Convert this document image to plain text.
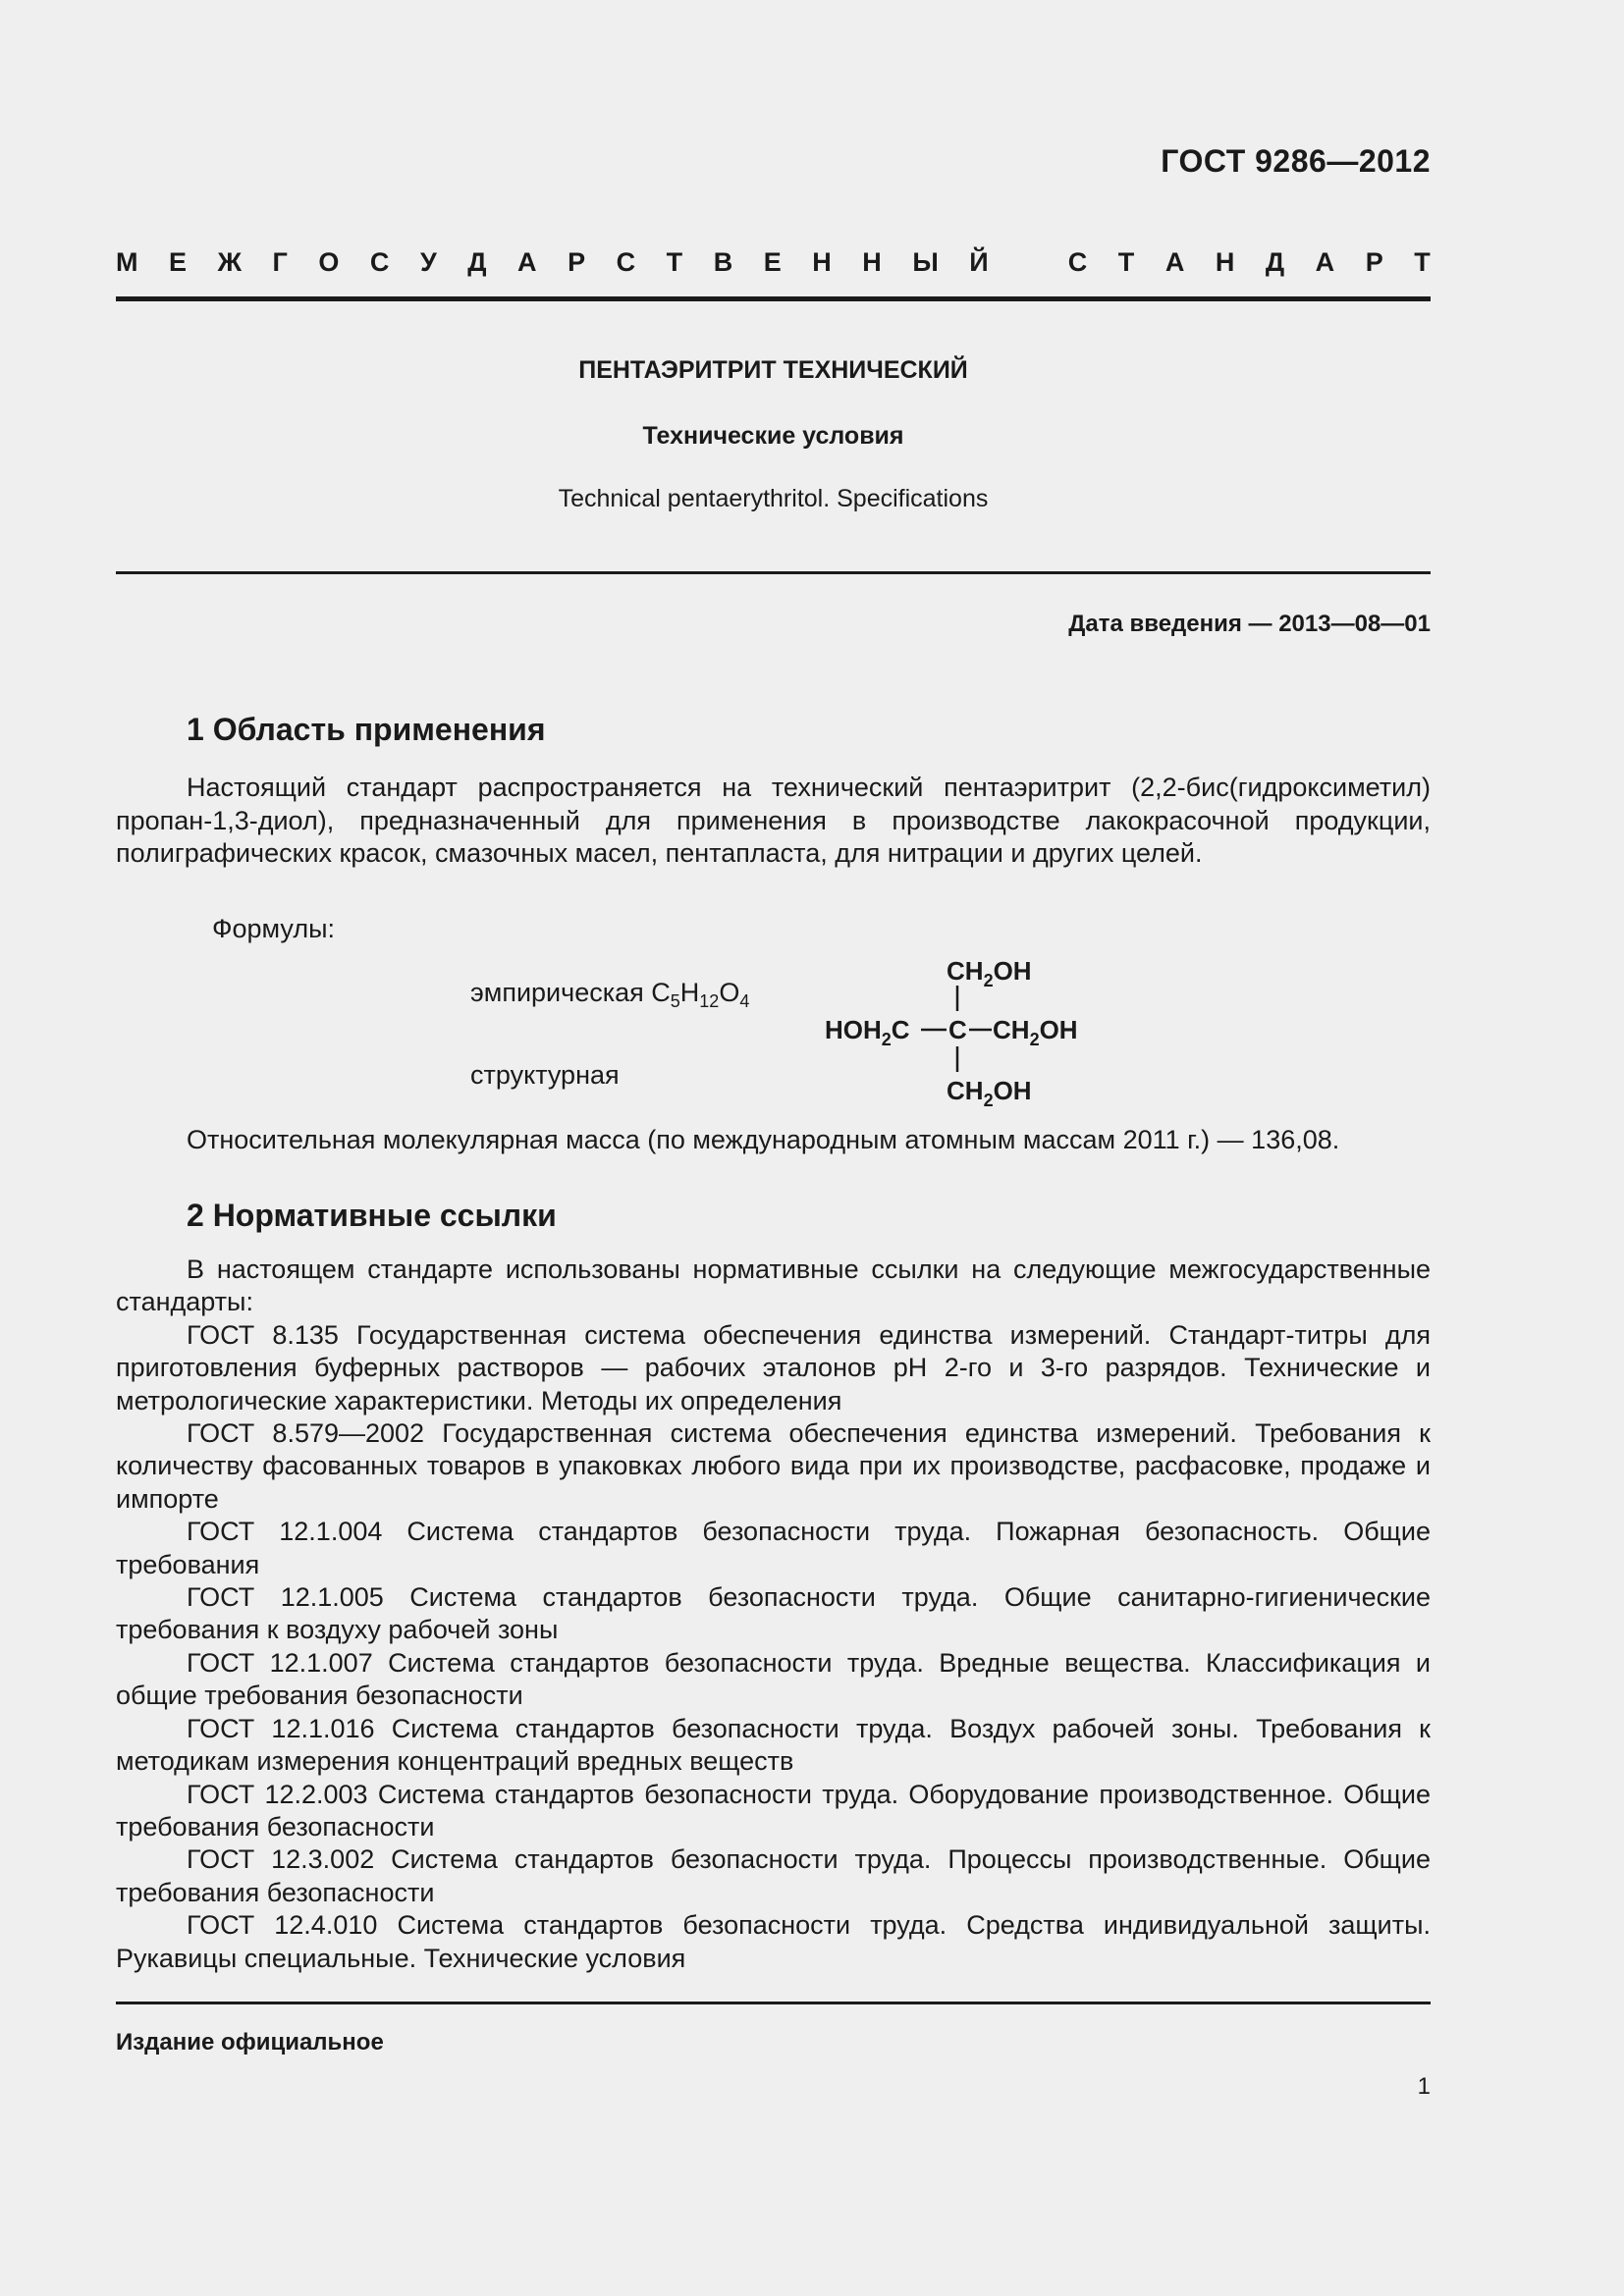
ГОСТ 9286—2012
М Е Ж Г О С У Д А Р С Т В Е Н Н Ы Й	С Т А Н Д А Р Т
ПЕНТАЭРИТРИТ ТЕХНИЧЕСКИЙ
Технические условия
Technical pentaerythritol. Specifications
Дата введения — 2013—08—01
1 Область применения
Настоящий стандарт распространяется на технический пентаэритрит (2,2-бис(гидроксиметил) пропан-1,3-диол), предназначенный для применения в производстве лакокрасочной продукции, полиграфических красок, смазочных масел, пентапласта, для нитрации и других целей.
Формулы:
эмпирическая $C_5H_{12}O_4$
структурная
$CH_2OH$
$HOH_2C$ C $CH_2OH$
$CH_2OH$
Относительная молекулярная масса (по международным атомным массам 2011 г.) — 136,08.
2 Нормативные ссылки
В настоящем стандарте использованы нормативные ссылки на следующие межгосударственные стандарты:
ГОСТ 8.135 Государственная система обеспечения единства измерений. Стандарт-титры для приготовления буферных растворов — рабочих эталонов рН 2-го и 3-го разрядов. Технические и метрологические характеристики. Методы их определения
ГОСТ 8.579—2002 Государственная система обеспечения единства измерений. Требования к количеству фасованных товаров в упаковках любого вида при их производстве, расфасовке, продаже и импорте
ГОСТ 12.1.004 Система стандартов безопасности труда. Пожарная безопасность. Общие требования
ГОСТ 12.1.005 Система стандартов безопасности труда. Общие санитарно-гигиенические требования к воздуху рабочей зоны
ГОСТ 12.1.007 Система стандартов безопасности труда. Вредные вещества. Классификация и общие требования безопасности
ГОСТ 12.1.016 Система стандартов безопасности труда. Воздух рабочей зоны. Требования к методикам измерения концентраций вредных веществ
ГОСТ 12.2.003 Система стандартов безопасности труда. Оборудование производственное. Общие требования безопасности
ГОСТ 12.3.002 Система стандартов безопасности труда. Процессы производственные. Общие требования безопасности
ГОСТ 12.4.010 Система стандартов безопасности труда. Средства индивидуальной защиты. Рукавицы специальные. Технические условия
Издание официальное
1
